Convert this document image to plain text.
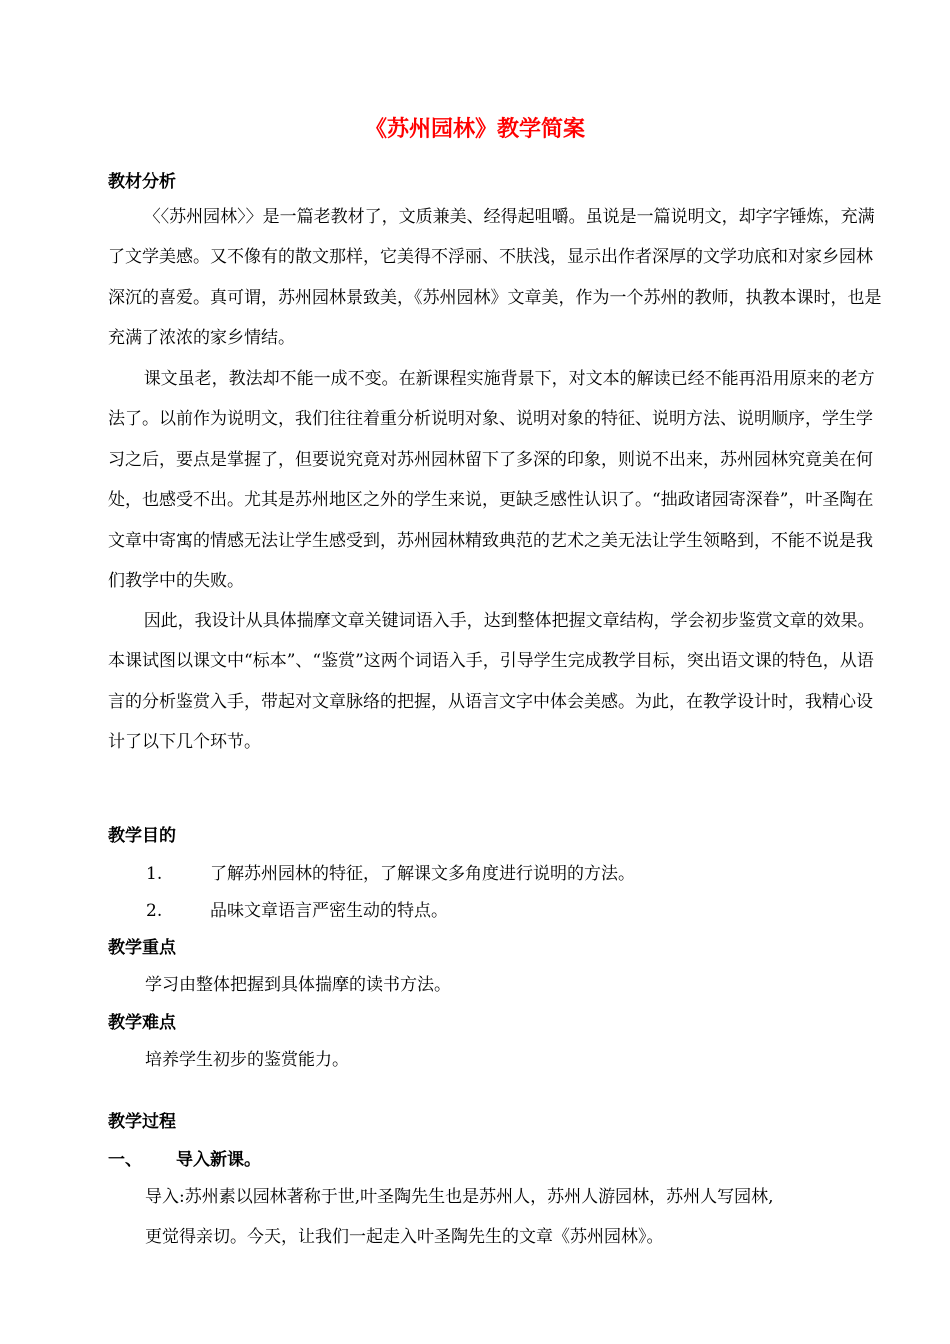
《苏州园林》教学简案
教材分析

〈〈苏州园林〉〉是一篇老教材了，文质兼美、经得起咀嚼。虽说是一篇说明文，却字字锤炼，充满了文学美感。又不像有的散文那样，它美得不浮丽、不肤浅，显示出作者深厚的文学功底和对家乡园林深沉的喜爱。真可谓，苏州园林景致美，《苏州园林》文章美，作为一个苏州的教师，执教本课时，也是充满了浓浓的家乡情结。

课文虽老，教法却不能一成不变。在新课程实施背景下，对文本的解读已经不能再沿用原来的老方法了。以前作为说明文，我们往往着重分析说明对象、说明对象的特征、说明方法、说明顺序，学生学习之后，要点是掌握了，但要说究竟对苏州园林留下了多深的印象，则说不出来，苏州园林究竟美在何处，也感受不出。尤其是苏州地区之外的学生来说，更缺乏感性认识了。“拙政诸园寄深眷”，叶圣陶在文章中寄寓的情感无法让学生感受到，苏州园林精致典范的艺术之美无法让学生领略到，不能不说是我们教学中的失败。

因此，我设计从具体揣摩文章关键词语入手，达到整体把握文章结构，学会初步鉴赏文章的效果。本课试图以课文中“标本”、“鉴赏”这两个词语入手，引导学生完成教学目标，突出语文课的特色，从语言的分析鉴赏入手，带起对文章脉络的把握，从语言文字中体会美感。为此，在教学设计时，我精心设计了以下几个环节。

教学目的
1.	了解苏州园林的特征，了解课文多角度进行说明的方法。
2.	品味文章语言严密生动的特点。
教学重点
学习由整体把握到具体揣摩的读书方法。
教学难点
培养学生初步的鉴赏能力。
教学过程
一、 导入新课。
导入:苏州素以园林著称于世,叶圣陶先生也是苏州人，苏州人游园林，苏州人写园林,
更觉得亲切。今天，让我们一起走入叶圣陶先生的文章《苏州园林》。
